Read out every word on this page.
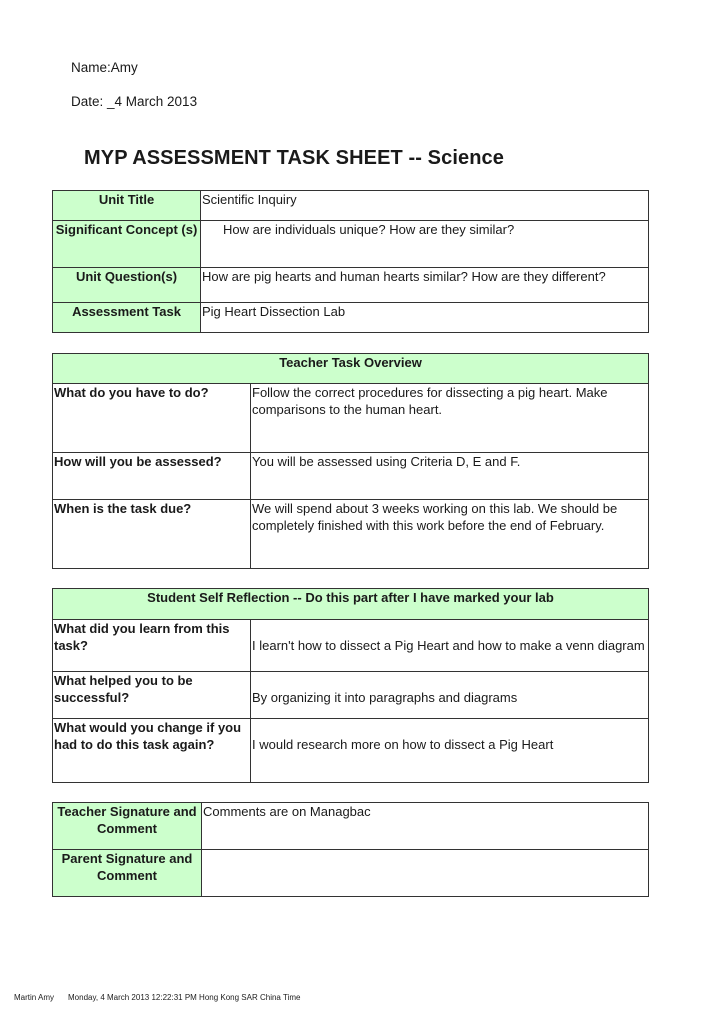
Name:Amy
Date: _4 March 2013
MYP ASSESSMENT TASK SHEET -- Science
Unit Title	Scientific Inquiry
Significant Concept (s)	How are individuals unique? How are they similar?
Unit Question(s)	How are pig hearts and human hearts similar? How are they different?
Assessment Task	Pig Heart Dissection Lab
Teacher Task Overview	
What do you have to do?	Follow the correct procedures for dissecting a pig heart. Make comparisons to the human heart.
How will you be assessed?	You will be assessed using Criteria D, E and F.
When is the task due?	We will spend about 3 weeks working on this lab. We should be completely finished with this work before the end of February.
Student Self Reflection -- Do this part after I have marked your lab	
What did you learn from this task?	I learn't how to dissect a Pig Heart and how to make a venn diagram
What helped you to be successful?	By organizing it into paragraphs and diagrams
What would you change if you had to do this task again?	I would research more on how to dissect a Pig Heart
Teacher Signature and Comment	Comments are on Managbac
Parent Signature and Comment	
Martin Amy Monday, 4 March 2013 12:22:31 PM Hong Kong SAR China Time
